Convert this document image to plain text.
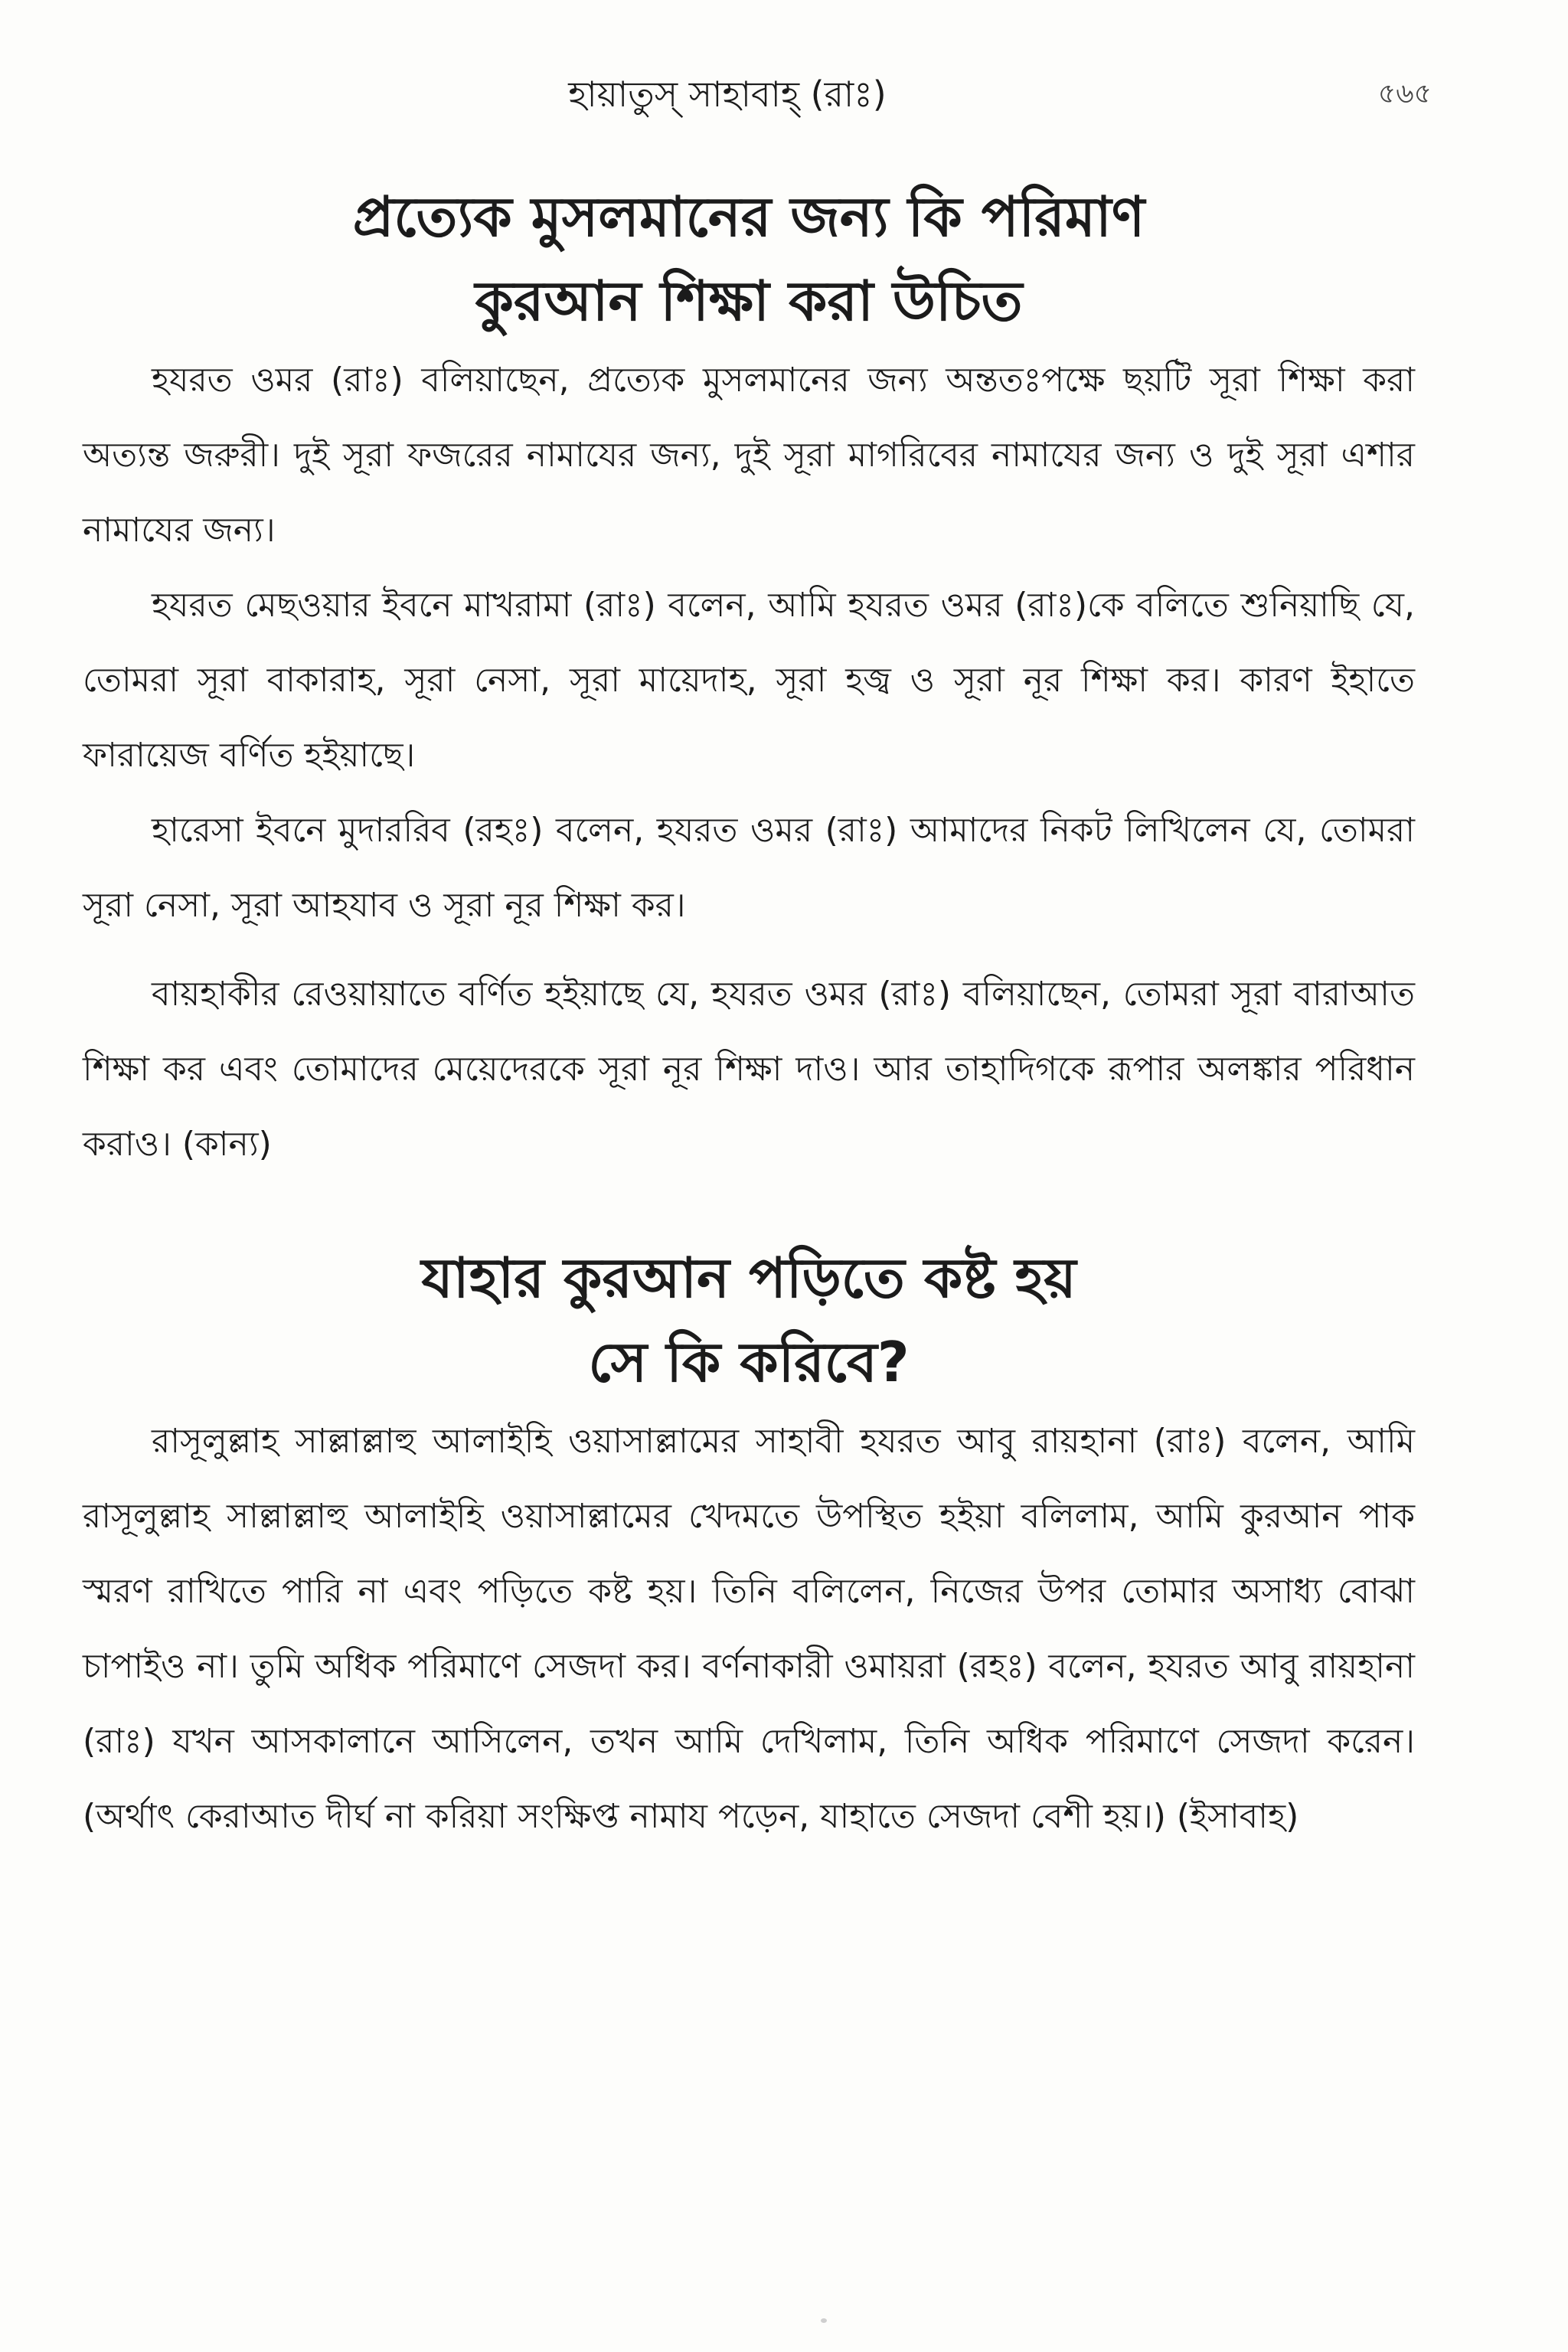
হায়াতুস্ সাহাবাহ্ (রাঃ)	৫৬৫
প্রত্যেক মুসলমানের জন্য কি পরিমাণ
কুরআন শিক্ষা করা উচিত

হযরত ওমর (রাঃ) বলিয়াছেন, প্রত্যেক মুসলমানের জন্য অন্ততঃপক্ষে ছয়টি সূরা শিক্ষা করা অত্যন্ত জরুরী। দুই সূরা ফজরের নামাযের জন্য, দুই সূরা মাগরিবের নামাযের জন্য ও দুই সূরা এশার নামাযের জন্য।

হযরত মেছওয়ার ইবনে মাখরামা (রাঃ) বলেন, আমি হযরত ওমর (রাঃ)কে বলিতে শুনিয়াছি যে, তোমরা সূরা বাকারাহ, সূরা নেসা, সূরা মায়েদাহ, সূরা হজ্ব ও সূরা নূর শিক্ষা কর। কারণ ইহাতে ফারায়েজ বর্ণিত হইয়াছে।

হারেসা ইবনে মুদাররিব (রহঃ) বলেন, হযরত ওমর (রাঃ) আমাদের নিকট লিখিলেন যে, তোমরা সূরা নেসা, সূরা আহযাব ও সূরা নূর শিক্ষা কর।

বায়হাকীর রেওয়ায়াতে বর্ণিত হইয়াছে যে, হযরত ওমর (রাঃ) বলিয়াছেন, তোমরা সূরা বারাআত শিক্ষা কর এবং তোমাদের মেয়েদেরকে সূরা নূর শিক্ষা দাও। আর তাহাদিগকে রূপার অলঙ্কার পরিধান করাও। (কান্য)

যাহার কুরআন পড়িতে কষ্ট হয়
সে কি করিবে?

রাসূলুল্লাহ সাল্লাল্লাহু আলাইহি ওয়াসাল্লামের সাহাবী হযরত আবু রায়হানা (রাঃ) বলেন, আমি রাসূলুল্লাহ সাল্লাল্লাহু আলাইহি ওয়াসাল্লামের খেদমতে উপস্থিত হইয়া বলিলাম, আমি কুরআন পাক স্মরণ রাখিতে পারি না এবং পড়িতে কষ্ট হয়। তিনি বলিলেন, নিজের উপর তোমার অসাধ্য বোঝা চাপাইও না। তুমি অধিক পরিমাণে সেজদা কর। বর্ণনাকারী ওমায়রা (রহঃ) বলেন, হযরত আবু রায়হানা (রাঃ) যখন আসকালানে আসিলেন, তখন আমি দেখিলাম, তিনি অধিক পরিমাণে সেজদা করেন। (অর্থাৎ কেরাআত দীর্ঘ না করিয়া সংক্ষিপ্ত নামায পড়েন, যাহাতে সেজদা বেশী হয়।) (ইসাবাহ)
